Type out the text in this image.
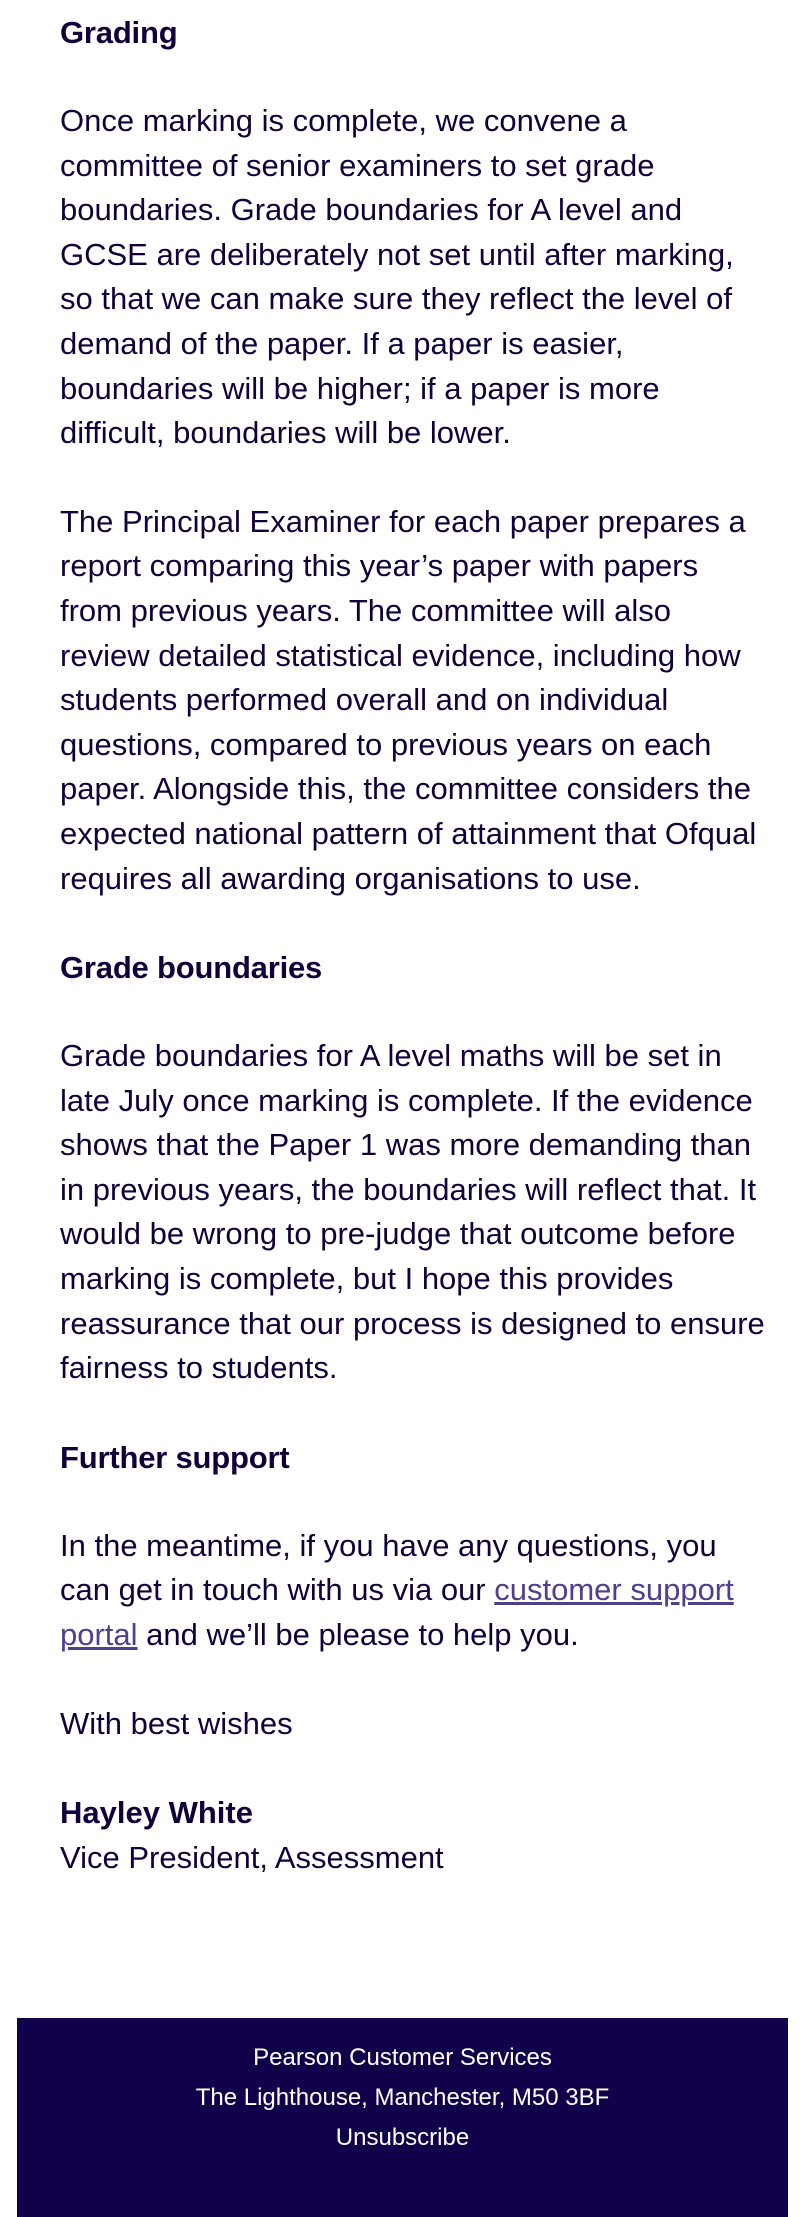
Grading

Once marking is complete, we convene a committee of senior examiners to set grade boundaries. Grade boundaries for A level and GCSE are deliberately not set until after marking, so that we can make sure they reflect the level of demand of the paper. If a paper is easier, boundaries will be higher; if a paper is more difficult, boundaries will be lower.

The Principal Examiner for each paper prepares a report comparing this year’s paper with papers from previous years. The committee will also review detailed statistical evidence, including how students performed overall and on individual questions, compared to previous years on each paper. Alongside this, the committee considers the expected national pattern of attainment that Ofqual requires all awarding organisations to use.

Grade boundaries

Grade boundaries for A level maths will be set in late July once marking is complete. If the evidence shows that the Paper 1 was more demanding than in previous years, the boundaries will reflect that. It would be wrong to pre-judge that outcome before marking is complete, but I hope this provides reassurance that our process is designed to ensure fairness to students.

Further support

In the meantime, if you have any questions, you can get in touch with us via our customer support portal and we’ll be please to help you.

With best wishes

Hayley White
Vice President, Assessment
Pearson Customer Services
The Lighthouse, Manchester, M50 3BF
Unsubscribe
